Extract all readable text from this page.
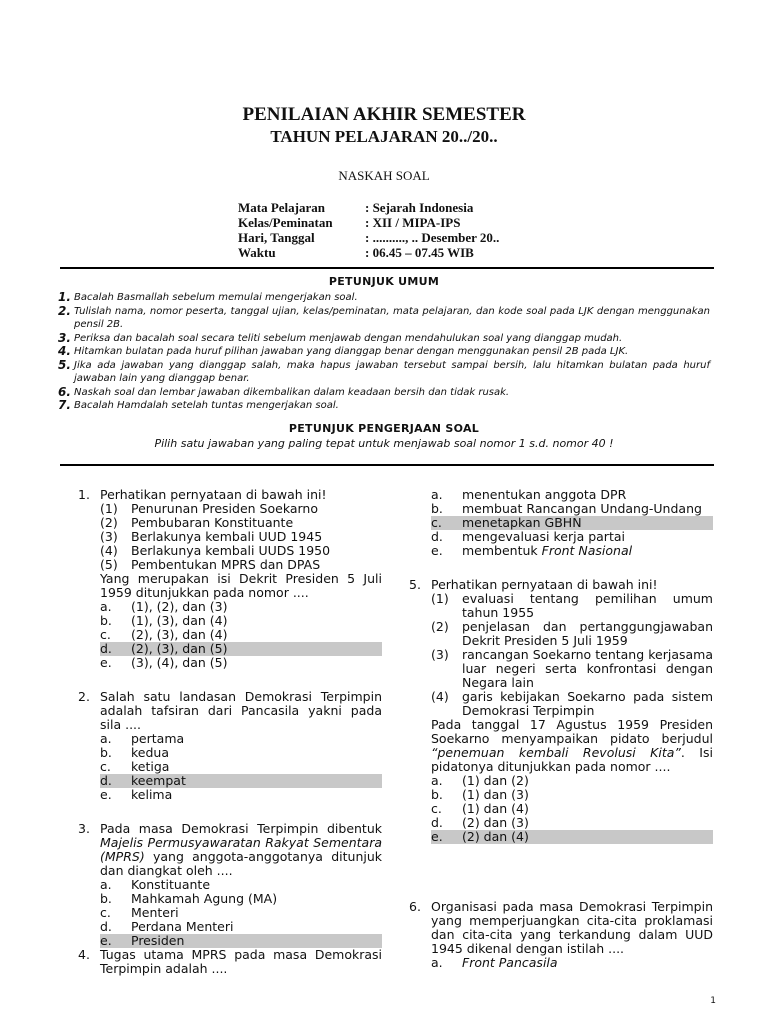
PENILAIAN AKHIR SEMESTER
TAHUN PELAJARAN 20../20..
NASKAH SOAL
Mata Pelajaran	: Sejarah Indonesia
Kelas/Peminatan	: XII / MIPA-IPS
Hari, Tanggal	: .........., .. Desember 20..
Waktu	: 06.45 – 07.45 WIB
PETUNJUK UMUM
1. Bacalah Basmallah sebelum memulai mengerjakan soal.
2. Tulislah nama, nomor peserta, tanggal ujian, kelas/peminatan, mata pelajaran, dan kode soal pada LJK dengan menggunakan pensil 2B.
3. Periksa dan bacalah soal secara teliti sebelum menjawab dengan mendahulukan soal yang dianggap mudah.
4. Hitamkan bulatan pada huruf pilihan jawaban yang dianggap benar dengan menggunakan pensil 2B pada LJK.
5. Jika ada jawaban yang dianggap salah, maka hapus jawaban tersebut sampai bersih, lalu hitamkan bulatan pada huruf jawaban lain yang dianggap benar.
6. Naskah soal dan lembar jawaban dikembalikan dalam keadaan bersih dan tidak rusak.
7. Bacalah Hamdalah setelah tuntas mengerjakan soal.
PETUNJUK PENGERJAAN SOAL
Pilih satu jawaban yang paling tepat untuk menjawab soal nomor 1 s.d. nomor 40 !
1. Perhatikan pernyataan di bawah ini!
(1)	Penurunan Presiden Soekarno
(2)	Pembubaran Konstituante
(3)	Berlakunya kembali UUD 1945
(4)	Berlakunya kembali UUDS 1950
(5)	Pembentukan MPRS dan DPAS
Yang merupakan isi Dekrit Presiden 5 Juli 1959 ditunjukkan pada nomor ....
a.	(1), (2), dan (3)
b.	(1), (3), dan (4)
c.	(2), (3), dan (4)
d.	(2), (3), dan (5)
e.	(3), (4), dan (5)
2. Salah satu landasan Demokrasi Terpimpin adalah tafsiran dari Pancasila yakni pada sila ....
a.	pertama
b.	kedua
c.	ketiga
d.	keempat
e.	kelima
3. Pada masa Demokrasi Terpimpin dibentuk Majelis Permusyawaratan Rakyat Sementara (MPRS) yang anggota-anggotanya ditunjuk dan diangkat oleh ....
a.	Konstituante
b.	Mahkamah Agung (MA)
c.	Menteri
d.	Perdana Menteri
e.	Presiden
4. Tugas utama MPRS pada masa Demokrasi Terpimpin adalah ....
a.	menentukan anggota DPR
b.	membuat Rancangan Undang-Undang
c.	menetapkan GBHN
d.	mengevaluasi kerja partai
e.	membentuk Front Nasional
5. Perhatikan pernyataan di bawah ini!
(1)	evaluasi tentang pemilihan umum tahun 1955
(2)	penjelasan dan pertanggungjawaban Dekrit Presiden 5 Juli 1959
(3)	rancangan Soekarno tentang kerjasama luar negeri serta konfrontasi dengan Negara lain
(4)	garis kebijakan Soekarno pada sistem Demokrasi Terpimpin
Pada tanggal 17 Agustus 1959 Presiden Soekarno menyampaikan pidato berjudul “penemuan kembali Revolusi Kita”. Isi pidatonya ditunjukkan pada nomor ....
a.	(1) dan (2)
b.	(1) dan (3)
c.	(1) dan (4)
d.	(2) dan (3)
e.	(2) dan (4)
6. Organisasi pada masa Demokrasi Terpimpin yang memperjuangkan cita-cita proklamasi dan cita-cita yang terkandung dalam UUD 1945 dikenal dengan istilah ....
a.	Front Pancasila
1
